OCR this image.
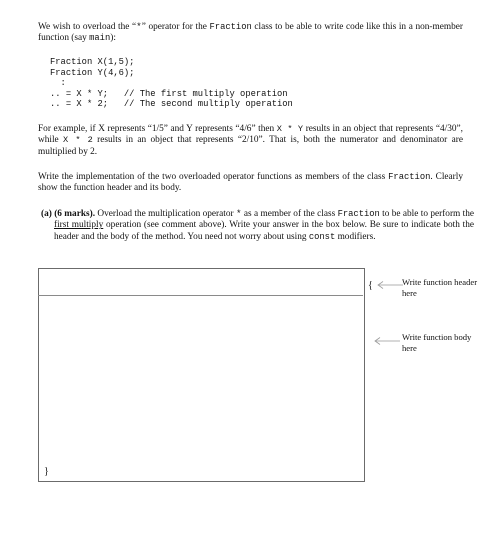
We wish to overload the “*” operator for the Fraction class to be able to write code like this in a non-member function (say main):
Fraction X(1,5);
Fraction Y(4,6);
:
.. = X * Y;   // The first multiply operation
.. = X * 2;   // The second multiply operation
For example, if X represents “1/5” and Y represents “4/6” then X * Y results in an object that represents “4/30”, while X * 2 results in an object that represents “2/10”. That is, both the numerator and denominator are multiplied by 2.
Write the implementation of the two overloaded operator functions as members of the class Fraction. Clearly show the function header and its body.
(a) (6 marks). Overload the multiplication operator * as a member of the class Fraction to be able to perform the first multiply operation (see comment above). Write your answer in the box below. Be sure to indicate both the header and the body of the method. You need not worry about using const modifiers.
{
}
Write function header here
Write function body here
